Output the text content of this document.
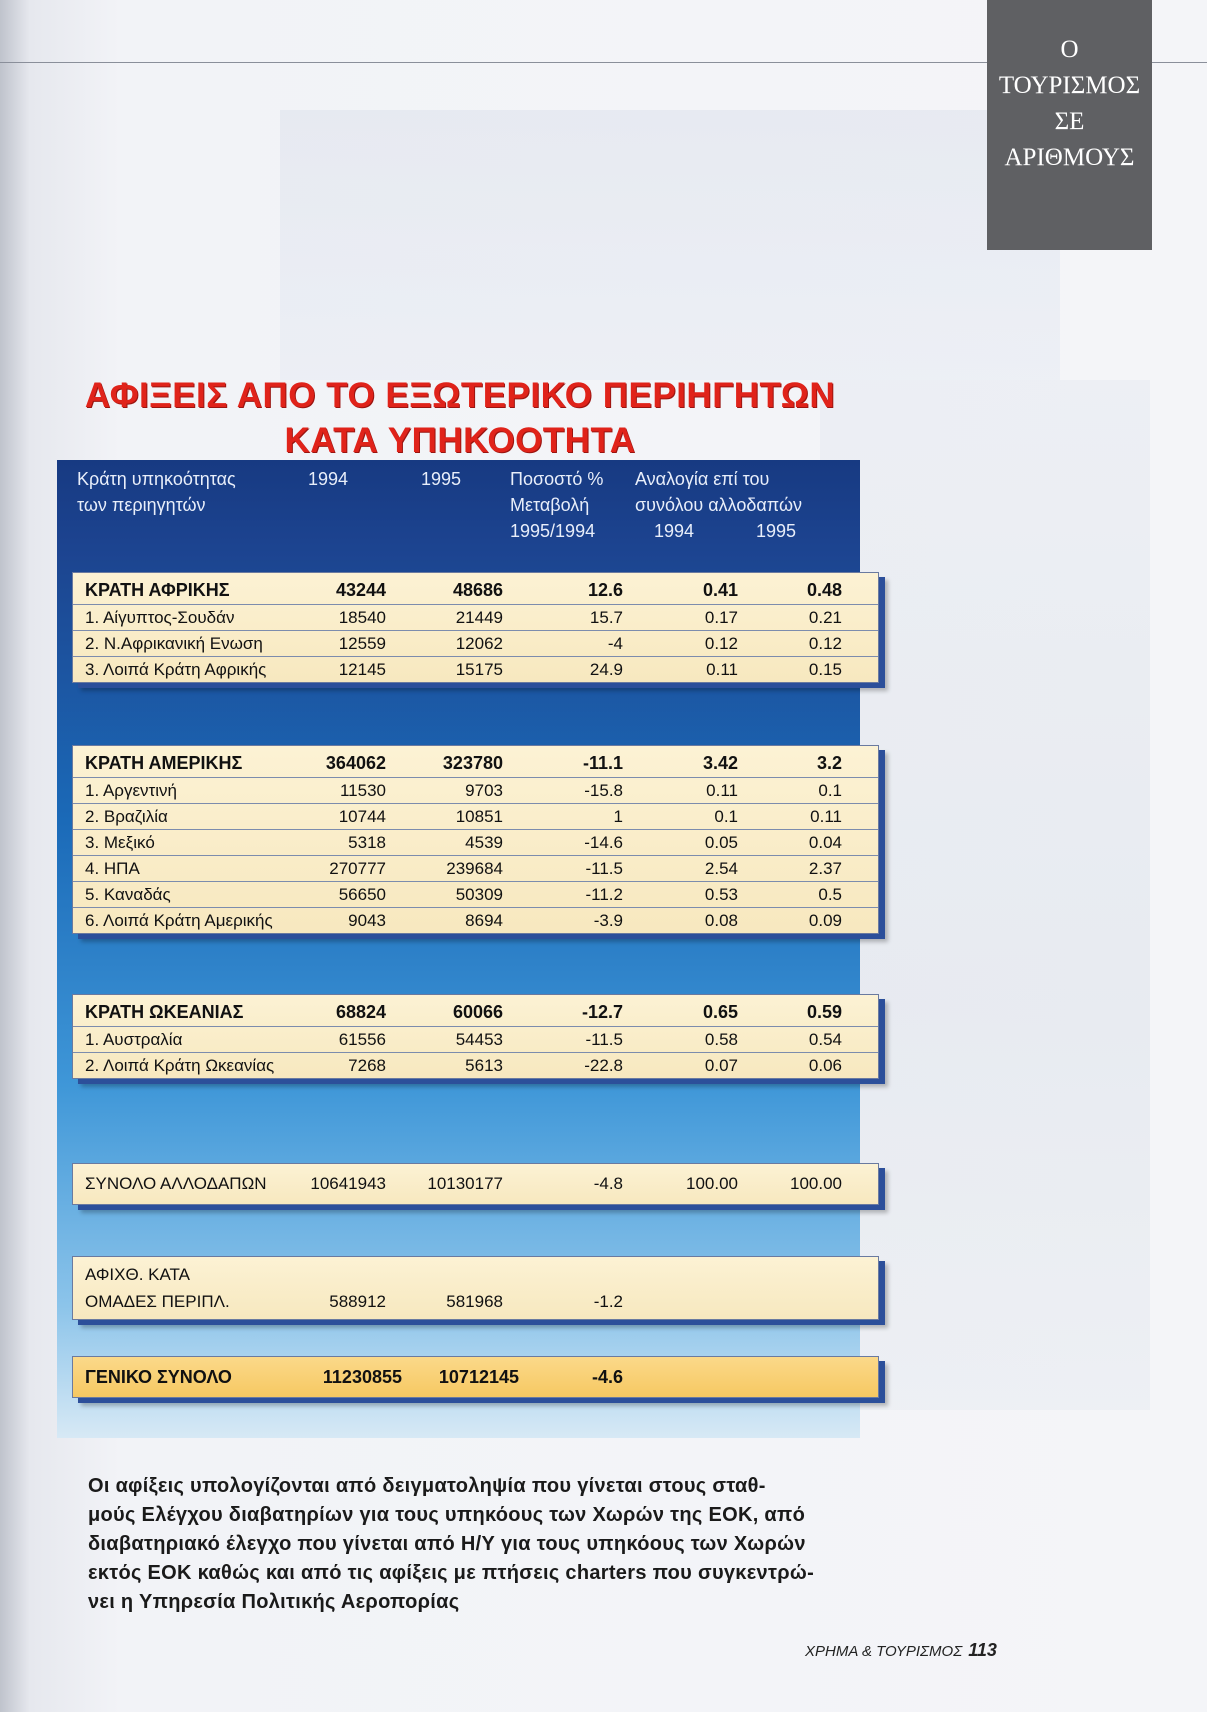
O
ΤΟΥΡΙΣΜΟΣ
ΣΕ
ΑΡΙΘΜΟΥΣ
ΑΦΙΞΕΙΣ ΑΠΟ ΤΟ ΕΞΩΤΕΡΙΚΟ ΠΕΡΙΗΓΗΤΩΝ
ΚΑΤΑ ΥΠΗΚΟΟΤΗΤΑ
Κράτη υπηκοότητας
των περιηγητών
1994	1995	Ποσοστό %
Μεταβολή
1995/1994
Αναλογία επί του
συνόλου αλλοδαπών
1994	1995
ΚΡΑΤΗ ΑΦΡΙΚΗΣ	43244	48686	12.6	0.41	0.48
1. Αίγυπτος-Σουδάν	18540	21449	15.7	0.17	0.21
2. Ν.Αφρικανική Ενωση	12559	12062	-4	0.12	0.12
3. Λοιπά Κράτη Αφρικής	12145	15175	24.9	0.11	0.15
ΚΡΑΤΗ ΑΜΕΡΙΚΗΣ	364062	323780	-11.1	3.42	3.2
1. Αργεντινή	11530	9703	-15.8	0.11	0.1
2. Βραζιλία	10744	10851	1	0.1	0.11
3. Μεξικό	5318	4539	-14.6	0.05	0.04
4. ΗΠΑ	270777	239684	-11.5	2.54	2.37
5. Καναδάς	56650	50309	-11.2	0.53	0.5
6. Λοιπά Κράτη Αμερικής	9043	8694	-3.9	0.08	0.09
ΚΡΑΤΗ ΩΚΕΑΝΙΑΣ	68824	60066	-12.7	0.65	0.59
1. Αυστραλία	61556	54453	-11.5	0.58	0.54
2. Λοιπά Κράτη Ωκεανίας	7268	5613	-22.8	0.07	0.06
ΣΥΝΟΛΟ ΑΛΛΟΔΑΠΩΝ	10641943 10130177	-4.8	100.00	100.00
ΑΦΙΧΘ. ΚΑΤΑ
ΟΜΑΔΕΣ ΠΕΡΙΠΛ.	588912	581968	-1.2
ΓΕΝΙΚΟ ΣΥΝΟΛΟ	11230855 10712145	-4.6
Οι αφίξεις υπολογίζονται από δειγματοληψία που γίνεται στους σταθ-
μούς Ελέγχου διαβατηρίων για τους υπηκόους των Χωρών της ΕΟΚ, από
διαβατηριακό έλεγχο που γίνεται από Η/Υ για τους υπηκόους των Χωρών
εκτός ΕΟΚ καθώς και από τις αφίξεις με πτήσεις charters που συγκεντρώ-
νει η Υπηρεσία Πολιτικής Αεροπορίας
ΧΡΗΜΑ & ΤΟΥΡΙΣΜΟΣ 113
